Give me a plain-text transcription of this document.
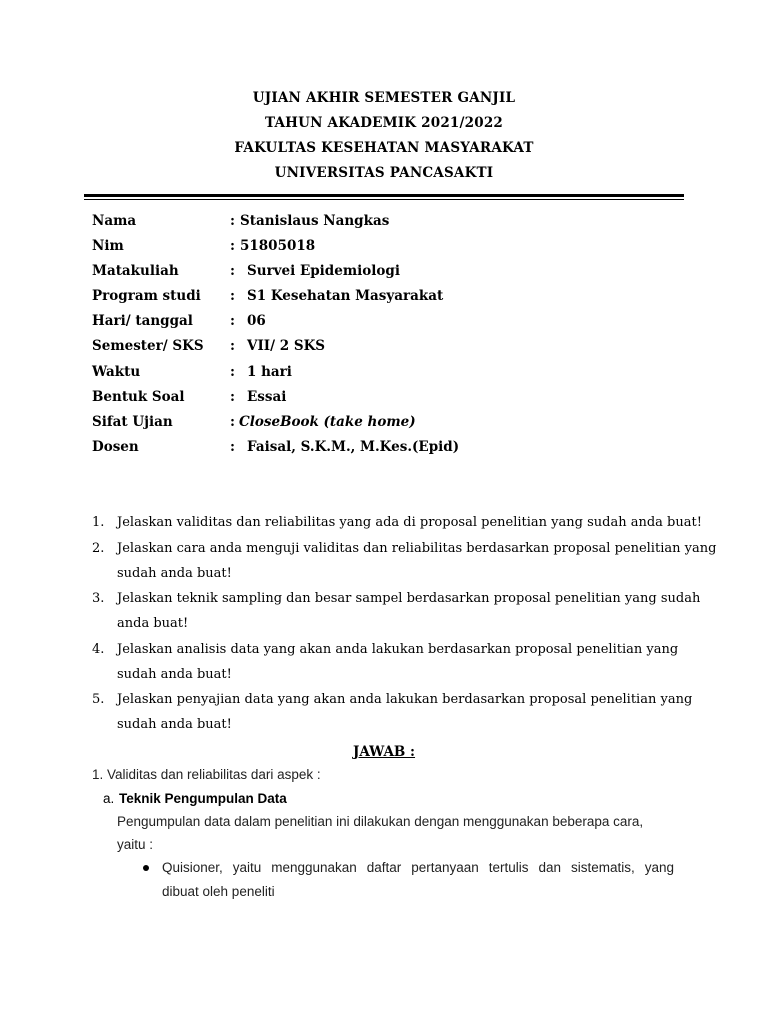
UJIAN AKHIR SEMESTER GANJIL
TAHUN AKADEMIK 2021/2022
FAKULTAS KESEHATAN MASYARAKAT
UNIVERSITAS PANCASAKTI
Nama	: Stanislaus Nangkas
Nim	: 51805018
Matakuliah	: Survei Epidemiologi
Program studi : S1 Kesehatan Masyarakat
Hari/ tanggal	: 06
Semester/ SKS : VII/ 2 SKS
Waktu	: 1 hari
Bentuk Soal	: Essai
Sifat Ujian	: CloseBook (take home)
Dosen	: Faisal, S.K.M., M.Kes.(Epid)
1. Jelaskan validitas dan reliabilitas yang ada di proposal penelitian yang sudah anda buat!
2. Jelaskan cara anda menguji validitas dan reliabilitas berdasarkan proposal penelitian yang
sudah anda buat!
3. Jelaskan teknik sampling dan besar sampel berdasarkan proposal penelitian yang sudah
anda buat!
4. Jelaskan analisis data yang akan anda lakukan berdasarkan proposal penelitian yang
sudah anda buat!
5. Jelaskan penyajian data yang akan anda lakukan berdasarkan proposal penelitian yang
sudah anda buat!
JAWAB :
1. Validitas dan reliabilitas dari aspek :
a. Teknik Pengumpulan Data
Pengumpulan data dalam penelitian ini dilakukan dengan menggunakan beberapa cara,
yaitu :
Quisioner, yaitu menggunakan daftar pertanyaan tertulis dan sistematis, yang
dibuat oleh peneliti
